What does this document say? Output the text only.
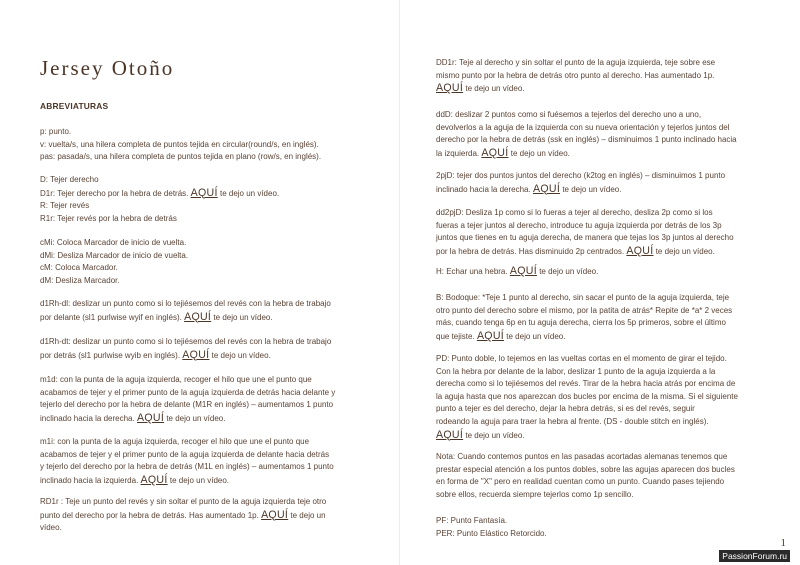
Jersey Otoño
ABREVIATURAS
p: punto.
v: vuelta/s, una hilera completa de puntos tejida en circular(round/s, en inglés).
pas: pasada/s, una hilera completa de puntos tejida en plano (row/s, en inglés).
D: Tejer derecho
D1r: Tejer derecho por la hebra de detrás. AQUÍ te dejo un vídeo.
R: Tejer revés
R1r: Tejer revés por la hebra de detrás
cMi: Coloca Marcador de inicio de vuelta.
dMi: Desliza Marcador de inicio de vuelta.
cM: Coloca Marcador.
dM: Desliza Marcador.
d1Rh-dl: deslizar un punto como si lo tejiésemos del revés con la hebra de trabajo
por delante (sl1 purlwise wyif en inglés). AQUÍ te dejo un vídeo.
d1Rh-dt: deslizar un punto como si lo tejiésemos del revés con la hebra de trabajo
por detrás (sl1 purlwise wyib en inglés). AQUÍ te dejo un vídeo.
m1d: con la punta de la aguja izquierda, recoger el hilo que une el punto que
acabamos de tejer y el primer punto de la aguja izquierda de detrás hacia delante y
tejerlo del derecho por la hebra de delante (M1R en inglés) – aumentamos 1 punto
inclinado hacia la derecha. AQUÍ te dejo un vídeo.
m1i: con la punta de la aguja izquierda, recoger el hilo que une el punto que
acabamos de tejer y el primer punto de la aguja izquierda de delante hacia detrás
y tejerlo del derecho por la hebra de detrás (M1L en inglés) – aumentamos 1 punto
inclinado hacia la izquierda. AQUÍ te dejo un vídeo.
RD1r : Teje un punto del revés y sin soltar el punto de la aguja izquierda teje otro
punto del derecho por la hebra de detrás. Has aumentado 1p. AQUÍ te dejo un
vídeo.
DD1r: Teje al derecho y sin soltar el punto de la aguja izquierda, teje sobre ese
mismo punto por la hebra de detrás otro punto al derecho. Has aumentado 1p.
AQUÍ te dejo un vídeo.
ddD: deslizar 2 puntos como si fuésemos a tejerlos del derecho uno a uno,
devolverlos a la aguja de la izquierda con su nueva orientación y tejerlos juntos del
derecho por la hebra de detrás (ssk en inglés) – disminuimos 1 punto inclinado hacia
la izquierda. AQUÍ te dejo un vídeo.
2pjD: tejer dos puntos juntos del derecho (k2tog en inglés) – disminuimos 1 punto
inclinado hacia la derecha. AQUÍ te dejo un vídeo.
dd2pjD: Desliza 1p como si lo fueras a tejer al derecho, desliza 2p como si los
fueras a tejer juntos al derecho, introduce tu aguja izquierda por detrás de los 3p
juntos que tienes en tu aguja derecha, de manera que tejas los 3p juntos al derecho
por la hebra de detrás. Has disminuido 2p centrados. AQUÍ te dejo un vídeo.
H: Echar una hebra. AQUÍ te dejo un vídeo.
B: Bodoque: *Teje 1 punto al derecho, sin sacar el punto de la aguja izquierda, teje
otro punto del derecho sobre el mismo, por la patita de atrás* Repite de *a* 2 veces
más, cuando tenga 6p en tu aguja derecha, cierra los 5p primeros, sobre el último
que tejiste. AQUÍ te dejo un vídeo.
PD: Punto doble, lo tejemos en las vueltas cortas en el momento de girar el tejido.
Con la hebra por delante de la labor, deslizar 1 punto de la aguja izquierda a la
derecha como si lo tejiésemos del revés. Tirar de la hebra hacia atrás por encima de
la aguja hasta que nos aparezcan dos bucles por encima de la misma. Si el siguiente
punto a tejer es del derecho, dejar la hebra detrás, si es del revés, seguir
rodeando la aguja para traer la hebra al frente. (DS - double stitch en inglés).
AQUÍ te dejo un vídeo.
Nota: Cuando contemos puntos en las pasadas acortadas alemanas tenemos que
prestar especial atención a los puntos dobles, sobre las agujas aparecen dos bucles
en forma de "X" pero en realidad cuentan como un punto. Cuando pases tejiendo
sobre ellos, recuerda siempre tejerlos como 1p sencillo.
PF: Punto Fantasía.
PER: Punto Elástico Retorcido.
1
PassionForum.ru
